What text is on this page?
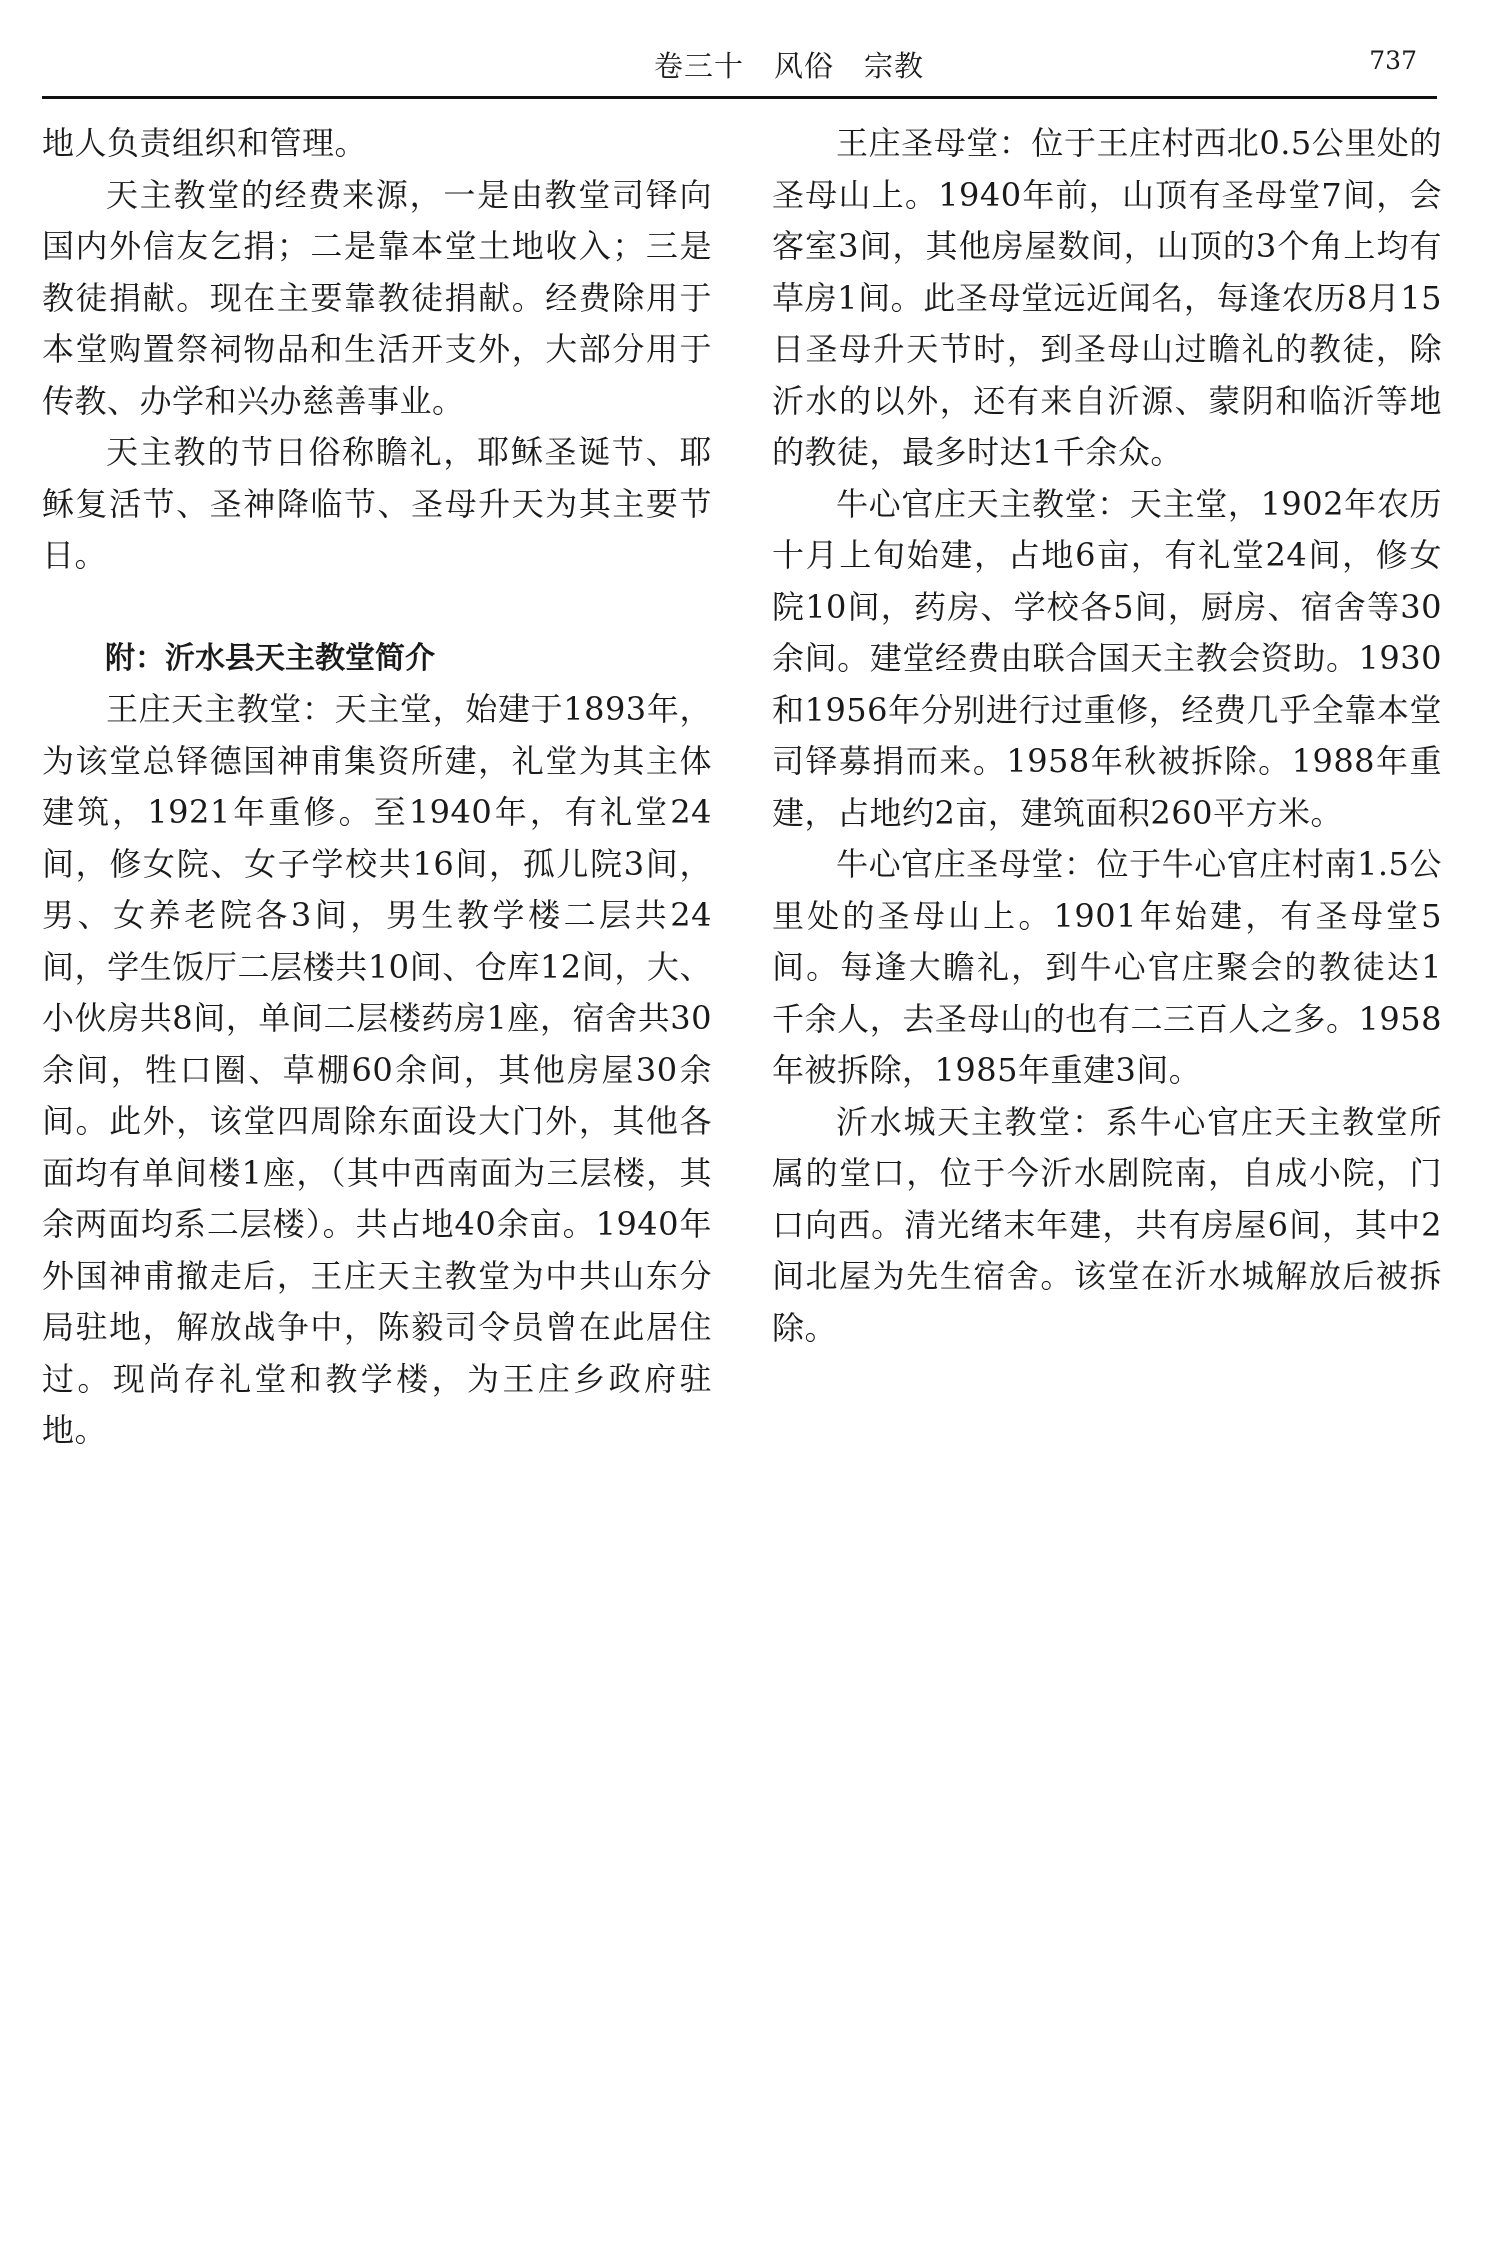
卷三十　风俗　宗教	737

地人负责组织和管理。

天主教堂的经费来源，一是由教堂司铎向国内外信友乞捐；二是靠本堂土地收入；三是教徒捐献。现在主要靠教徒捐献。经费除用于本堂购置祭祠物品和生活开支外，大部分用于传教、办学和兴办慈善事业。

天主教的节日俗称瞻礼，耶稣圣诞节、耶稣复活节、圣神降临节、圣母升天为其主要节日。

附：沂水县天主教堂简介

王庄天主教堂：天主堂，始建于1893年，为该堂总铎德国神甫集资所建，礼堂为其主体建筑，1921年重修。至1940年，有礼堂24间，修女院、女子学校共16间，孤儿院3间，男、女养老院各3间，男生教学楼二层共24间，学生饭厅二层楼共10间、仓库12间，大、小伙房共8间，单间二层楼药房1座，宿舍共30余间，牲口圈、草棚60余间，其他房屋30余间。此外，该堂四周除东面设大门外，其他各面均有单间楼1座，（其中西南面为三层楼，其余两面均系二层楼）。共占地40余亩。1940年外国神甫撤走后，王庄天主教堂为中共山东分局驻地，解放战争中，陈毅司令员曾在此居住过。现尚存礼堂和教学楼，为王庄乡政府驻地。

王庄圣母堂：位于王庄村西北0.5公里处的圣母山上。1940年前，山顶有圣母堂7间，会客室3间，其他房屋数间，山顶的3个角上均有草房1间。此圣母堂远近闻名，每逢农历8月15日圣母升天节时，到圣母山过瞻礼的教徒，除沂水的以外，还有来自沂源、蒙阴和临沂等地的教徒，最多时达1千余众。

牛心官庄天主教堂：天主堂，1902年农历十月上旬始建，占地6亩，有礼堂24间，修女院10间，药房、学校各5间，厨房、宿舍等30余间。建堂经费由联合国天主教会资助。1930和1956年分别进行过重修，经费几乎全靠本堂司铎募捐而来。1958年秋被拆除。1988年重建，占地约2亩，建筑面积260平方米。

牛心官庄圣母堂：位于牛心官庄村南1.5公里处的圣母山上。1901年始建，有圣母堂5间。每逢大瞻礼，到牛心官庄聚会的教徒达1千余人，去圣母山的也有二三百人之多。1958年被拆除，1985年重建3间。

沂水城天主教堂：系牛心官庄天主教堂所属的堂口，位于今沂水剧院南，自成小院，门口向西。清光绪末年建，共有房屋6间，其中2间北屋为先生宿舍。该堂在沂水城解放后被拆除。
